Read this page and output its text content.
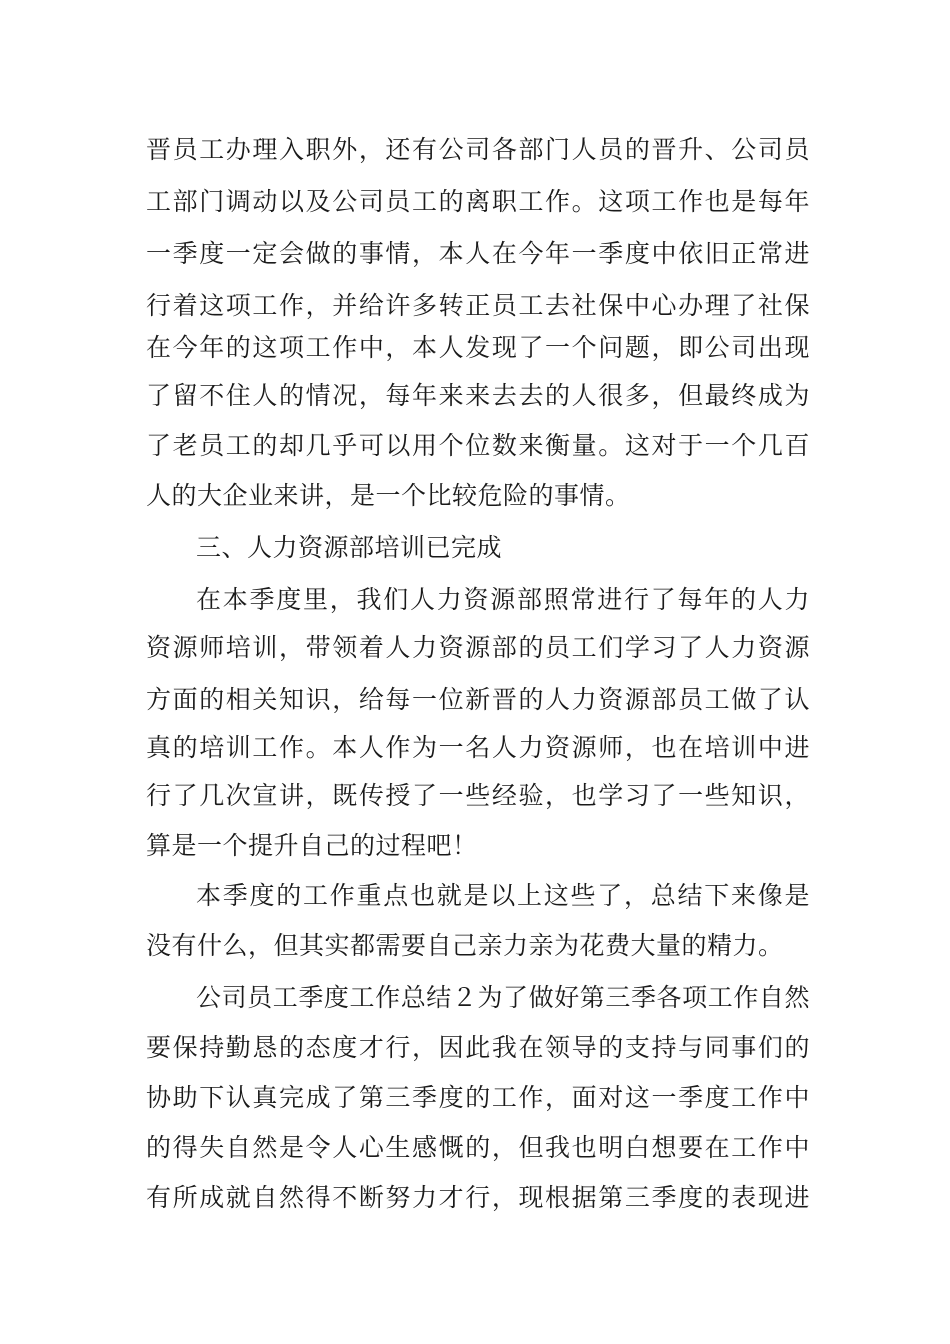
晋员工办理入职外，还有公司各部门人员的晋升、公司员
工部门调动以及公司员工的离职工作。这项工作也是每年
一季度一定会做的事情，本人在今年一季度中依旧正常进
行着这项工作，并给许多转正员工去社保中心办理了社保
在今年的这项工作中，本人发现了一个问题，即公司出现
了留不住人的情况，每年来来去去的人很多，但最终成为
了老员工的却几乎可以用个位数来衡量。这对于一个几百
人的大企业来讲，是一个比较危险的事情。
三、人力资源部培训已完成
在本季度里，我们人力资源部照常进行了每年的人力
资源师培训，带领着人力资源部的员工们学习了人力资源
方面的相关知识，给每一位新晋的人力资源部员工做了认
真的培训工作。本人作为一名人力资源师，也在培训中进
行了几次宣讲，既传授了一些经验，也学习了一些知识，
算是一个提升自己的过程吧！
本季度的工作重点也就是以上这些了，总结下来像是
没有什么，但其实都需要自己亲力亲为花费大量的精力。
公司员工季度工作总结２为了做好第三季各项工作自然
要保持勤恳的态度才行，因此我在领导的支持与同事们的
协助下认真完成了第三季度的工作，面对这一季度工作中
的得失自然是令人心生感慨的，但我也明白想要在工作中
有所成就自然得不断努力才行，现根据第三季度的表现进
